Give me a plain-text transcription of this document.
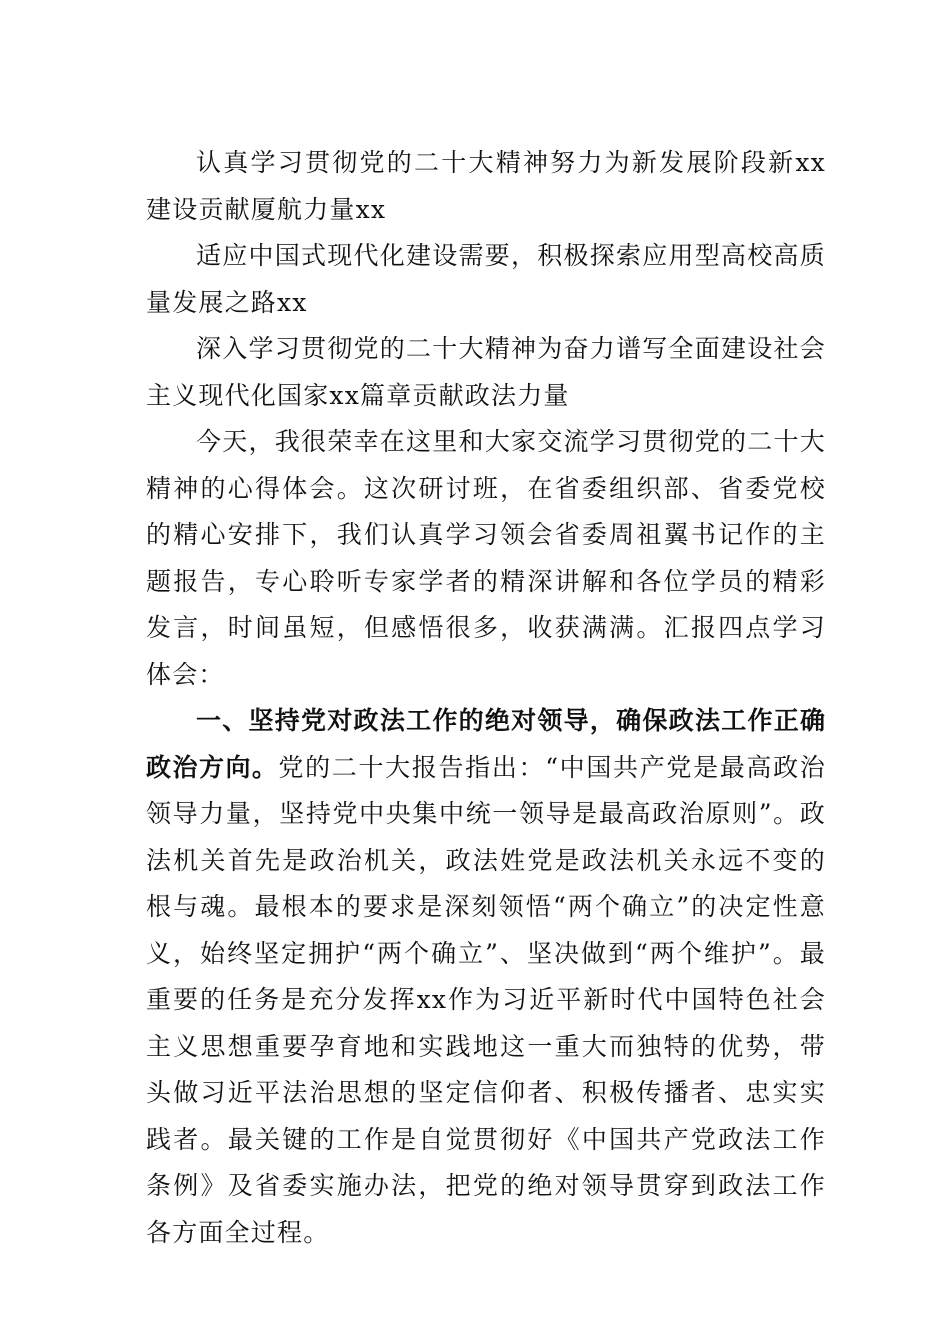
认真学习贯彻党的二十大精神努力为新发展阶段新xx建设贡献厦航力量xx

适应中国式现代化建设需要，积极探索应用型高校高质量发展之路xx

深入学习贯彻党的二十大精神为奋力谱写全面建设社会主义现代化国家xx篇章贡献政法力量

今天，我很荣幸在这里和大家交流学习贯彻党的二十大精神的心得体会。这次研讨班，在省委组织部、省委党校的精心安排下，我们认真学习领会省委周祖翼书记作的主题报告，专心聆听专家学者的精深讲解和各位学员的精彩发言，时间虽短，但感悟很多，收获满满。汇报四点学习体会：

一、坚持党对政法工作的绝对领导，确保政法工作正确政治方向。党的二十大报告指出：“中国共产党是最高政治领导力量，坚持党中央集中统一领导是最高政治原则”。政法机关首先是政治机关，政法姓党是政法机关永远不变的根与魂。最根本的要求是深刻领悟“两个确立”的决定性意义，始终坚定拥护“两个确立”、坚决做到“两个维护”。最重要的任务是充分发挥xx作为习近平新时代中国特色社会主义思想重要孕育地和实践地这一重大而独特的优势，带头做习近平法治思想的坚定信仰者、积极传播者、忠实实践者。最关键的工作是自觉贯彻好《中国共产党政法工作条例》及省委实施办法，把党的绝对领导贯穿到政法工作各方面全过程。
